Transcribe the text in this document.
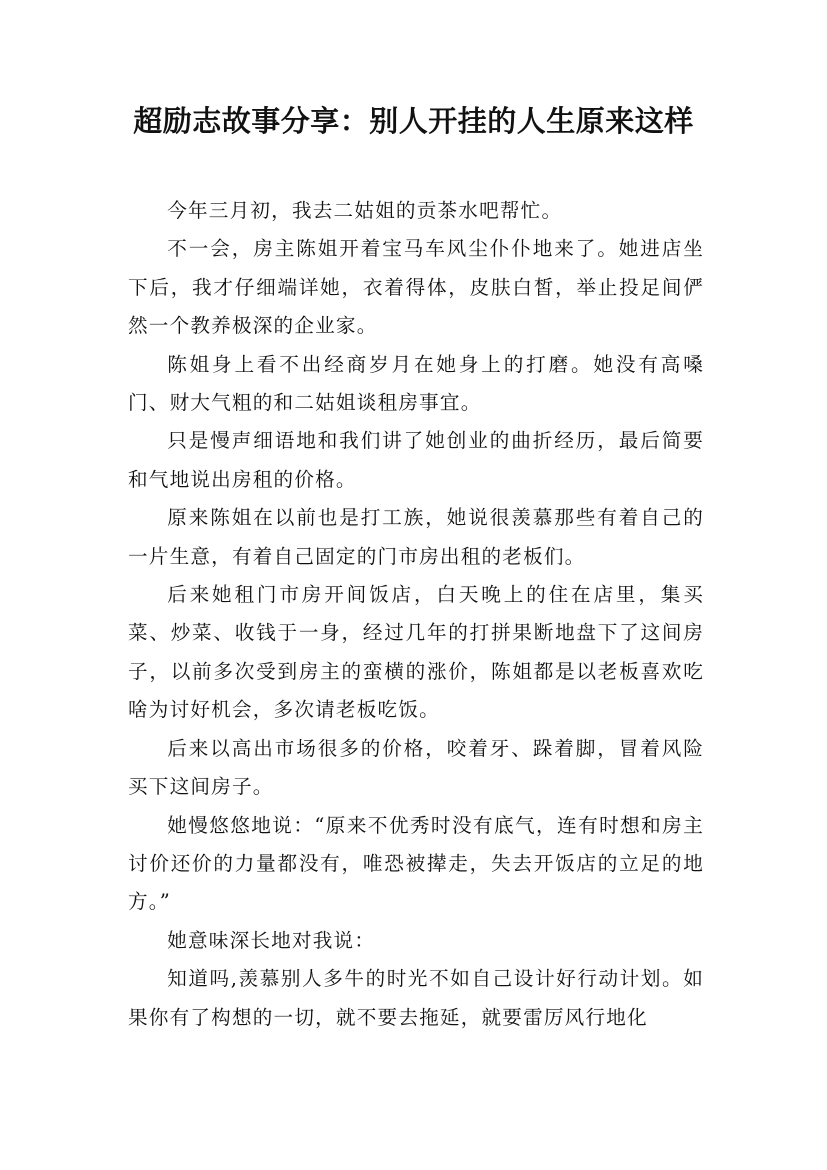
超励志故事分享：别人开挂的人生原来这样

今年三月初，我去二姑姐的贡茶水吧帮忙。

不一会，房主陈姐开着宝马车风尘仆仆地来了。她进店坐下后，我才仔细端详她，衣着得体，皮肤白皙，举止投足间俨然一个教养极深的企业家。

陈姐身上看不出经商岁月在她身上的打磨。她没有高嗓门、财大气粗的和二姑姐谈租房事宜。

只是慢声细语地和我们讲了她创业的曲折经历，最后简要和气地说出房租的价格。

原来陈姐在以前也是打工族，她说很羡慕那些有着自己的一片生意，有着自己固定的门市房出租的老板们。

后来她租门市房开间饭店，白天晚上的住在店里，集买菜、炒菜、收钱于一身，经过几年的打拼果断地盘下了这间房子，以前多次受到房主的蛮横的涨价，陈姐都是以老板喜欢吃啥为讨好机会，多次请老板吃饭。

后来以高出市场很多的价格，咬着牙、跺着脚，冒着风险买下这间房子。

她慢悠悠地说：“原来不优秀时没有底气，连有时想和房主讨价还价的力量都没有，唯恐被撵走，失去开饭店的立足的地方。”

她意味深长地对我说：

知道吗,羡慕别人多牛的时光不如自己设计好行动计划。如果你有了构想的一切，就不要去拖延，就要雷厉风行地化
